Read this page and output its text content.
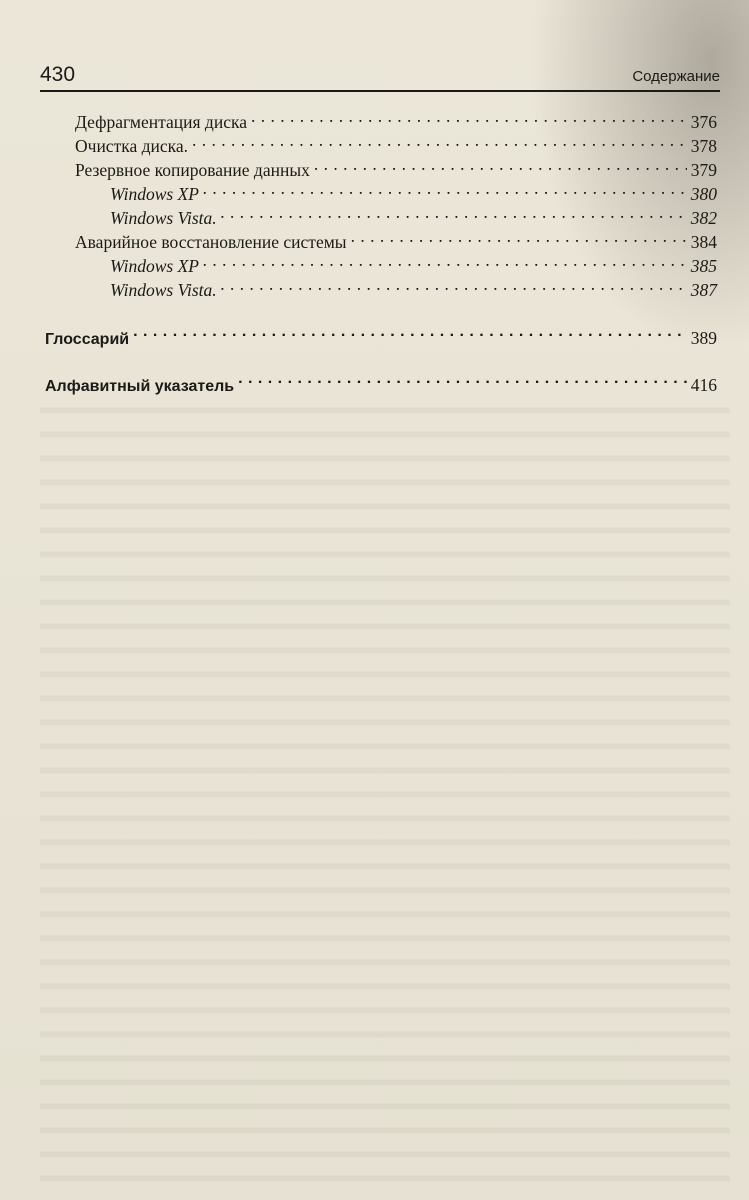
430	Содержание
Дефрагментация диска . . .	376
Очистка диска. . . .	378
Резервное копирование данных . . .	379
Windows XP . . .	380
Windows Vista. . . .	382
Аварийное восстановление системы . . .	384
Windows XP . . .	385
Windows Vista. . . .	387
Глоссарий . . .	389
Алфавитный указатель . . .	416
